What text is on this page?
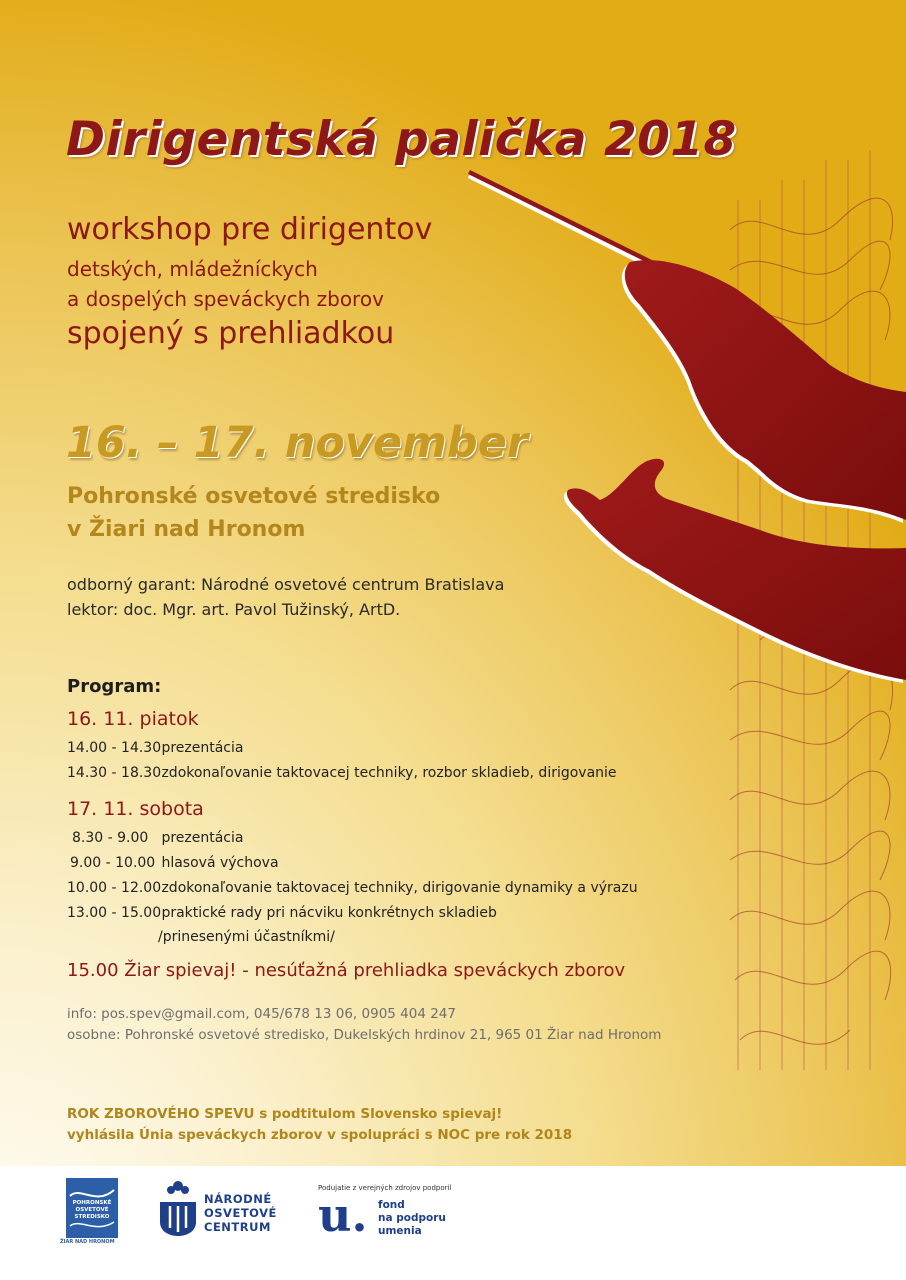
Dirigentská palička 2018
workshop pre dirigentov
detských, mládežníckych
a dospelých speváckych zborov
spojený s prehliadkou
16. – 17. november
Pohronské osvetové stredisko
v Žiari nad Hronom
odborný garant: Národné osvetové centrum Bratislava
lektor: doc. Mgr. art. Pavol Tužinský, ArtD.
Program:
16. 11. piatok
14.00 - 14.30 prezentácia
14.30 - 18.30 zdokonaľovanie taktovacej techniky, rozbor skladieb, dirigovanie
17. 11. sobota
8.30 - 9.00 prezentácia
9.00 - 10.00 hlasová výchova
10.00 - 12.00 zdokonaľovanie taktovacej techniky, dirigovanie dynamiky a výrazu
13.00 - 15.00 praktické rady pri nácviku konkrétnych skladieb
/prinesenými účastníkmi/
15.00 Žiar spievaj! - nesúťažná prehliadka speváckych zborov
info: pos.spev@gmail.com, 045/678 13 06, 0905 404 247
osobne: Pohronské osvetové stredisko, Dukelských hrdinov 21, 965 01 Žiar nad Hronom
ROK ZBOROVÉHO SPEVU s podtitulom Slovensko spievaj!
vyhlásila Únia speváckych zborov v spolupráci s NOC pre rok 2018
POHRONSKÉ
OSVETOVÉ
STREDISKO
ŽIAR NAD HRONOM
NÁRODNÉ
OSVETOVÉ
CENTRUM
Podujatie z verejných zdrojov podporil
u. fond
na podporu
umenia
